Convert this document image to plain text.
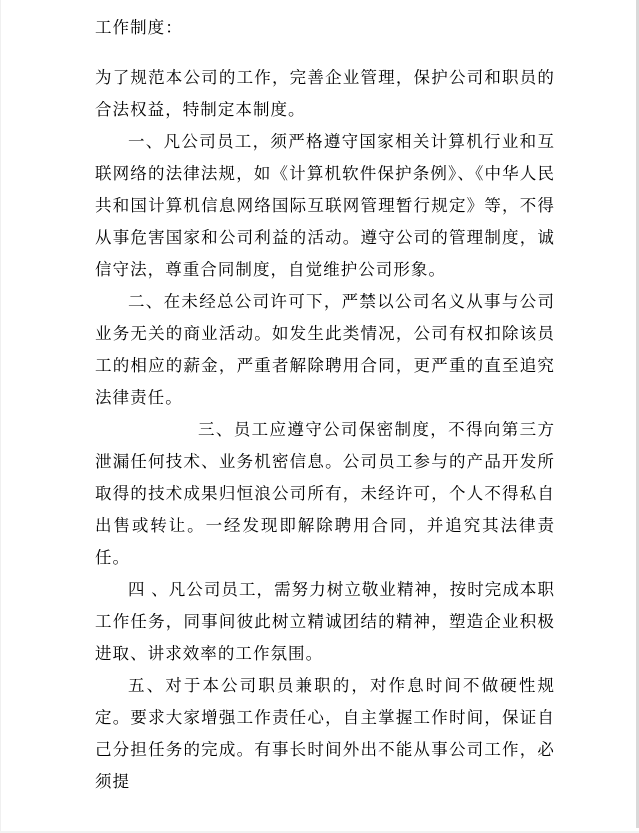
工作制度：

为了规范本公司的工作，完善企业管理，保护公司和职员的合法权益，特制定本制度。

一、凡公司员工，须严格遵守国家相关计算机行业和互联网络的法律法规，如《计算机软件保护条例》、《中华人民共和国计算机信息网络国际互联网管理暂行规定》等，不得从事危害国家和公司利益的活动。遵守公司的管理制度，诚信守法，尊重合同制度，自觉维护公司形象。

二、在未经总公司许可下，严禁以公司名义从事与公司业务无关的商业活动。如发生此类情况，公司有权扣除该员工的相应的薪金，严重者解除聘用合同，更严重的直至追究法律责任。

三、员工应遵守公司保密制度，不得向第三方泄漏任何技术、业务机密信息。公司员工参与的产品开发所取得的技术成果归恒浪公司所有，未经许可，个人不得私自出售或转让。一经发现即解除聘用合同，并追究其法律责任。

四 、凡公司员工，需努力树立敬业精神，按时完成本职工作任务，同事间彼此树立精诚团结的精神，塑造企业积极进取、讲求效率的工作氛围。

五、对于本公司职员兼职的，对作息时间不做硬性规定。要求大家增强工作责任心，自主掌握工作时间，保证自己分担任务的完成。有事长时间外出不能从事公司工作，必须提
